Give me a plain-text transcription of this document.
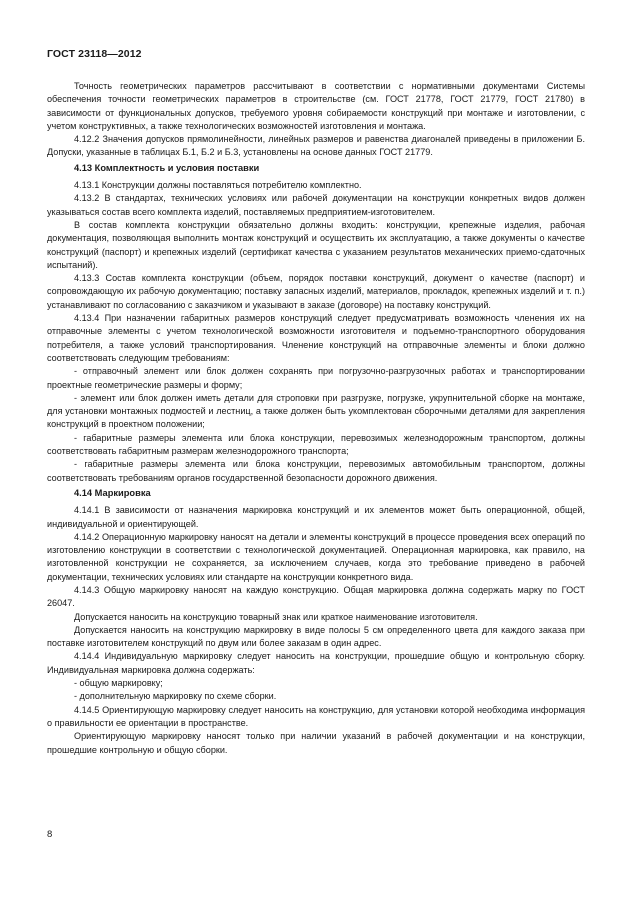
ГОСТ 23118—2012

Точность геометрических параметров рассчитывают в соответствии с нормативными документами Системы обеспечения точности геометрических параметров в строительстве (см. ГОСТ 21778, ГОСТ 21779, ГОСТ 21780) в зависимости от функциональных допусков, требуемого уровня собираемости конструкций при монтаже и изготовлении, с учетом конструктивных, а также технологических возможностей изготовления и монтажа.

4.12.2 Значения допусков прямолинейности, линейных размеров и равенства диагоналей приведены в приложении Б. Допуски, указанные в таблицах Б.1, Б.2 и Б.3, установлены на основе данных ГОСТ 21779.

4.13 Комплектность и условия поставки

4.13.1 Конструкции должны поставляться потребителю комплектно.

4.13.2 В стандартах, технических условиях или рабочей документации на конструкции конкретных видов должен указываться состав всего комплекта изделий, поставляемых предприятием-изготовителем.

В состав комплекта конструкции обязательно должны входить: конструкции, крепежные изделия, рабочая документация, позволяющая выполнить монтаж конструкций и осуществить их эксплуатацию, а также документы о качестве конструкций (паспорт) и крепежных изделий (сертификат качества с указанием результатов механических приемо-сдаточных испытаний).

4.13.3 Состав комплекта конструкции (объем, порядок поставки конструкций, документ о качестве (паспорт) и сопровождающую их рабочую документацию; поставку запасных изделий, материалов, прокладок, крепежных изделий и т. п.) устанавливают по согласованию с заказчиком и указывают в заказе (договоре) на поставку конструкций.

4.13.4 При назначении габаритных размеров конструкций следует предусматривать возможность членения их на отправочные элементы с учетом технологической возможности изготовителя и подъемно-транспортного оборудования потребителя, а также условий транспортирования. Членение конструкций на отправочные элементы и блоки должно соответствовать следующим требованиям:

- отправочный элемент или блок должен сохранять при погрузочно-разгрузочных работах и транспортировании проектные геометрические размеры и форму;

- элемент или блок должен иметь детали для строповки при разгрузке, погрузке, укрупнительной сборке на монтаже, для установки монтажных подмостей и лестниц, а также должен быть укомплектован сборочными деталями для закрепления конструкций в проектном положении;

- габаритные размеры элемента или блока конструкции, перевозимых железнодорожным транспортом, должны соответствовать габаритным размерам железнодорожного транспорта;

- габаритные размеры элемента или блока конструкции, перевозимых автомобильным транспортом, должны соответствовать требованиям органов государственной безопасности дорожного движения.

4.14 Маркировка

4.14.1 В зависимости от назначения маркировка конструкций и их элементов может быть операционной, общей, индивидуальной и ориентирующей.

4.14.2 Операционную маркировку наносят на детали и элементы конструкций в процессе проведения всех операций по изготовлению конструкции в соответствии с технологической документацией. Операционная маркировка, как правило, на изготовленной конструкции не сохраняется, за исключением случаев, когда это требование приведено в рабочей документации, технических условиях или стандарте на конструкции конкретного вида.

4.14.3 Общую маркировку наносят на каждую конструкцию. Общая маркировка должна содержать марку по ГОСТ 26047.

Допускается наносить на конструкцию товарный знак или краткое наименование изготовителя.

Допускается наносить на конструкцию маркировку в виде полосы 5 см определенного цвета для каждого заказа при поставке изготовителем конструкций по двум или более заказам в один адрес.

4.14.4 Индивидуальную маркировку следует наносить на конструкции, прошедшие общую и контрольную сборку. Индивидуальная маркировка должна содержать:

- общую маркировку;

- дополнительную маркировку по схеме сборки.

4.14.5 Ориентирующую маркировку следует наносить на конструкцию, для установки которой необходима информация о правильности ее ориентации в пространстве.

Ориентирующую маркировку наносят только при наличии указаний в рабочей документации и на конструкции, прошедшие контрольную и общую сборки.

8
